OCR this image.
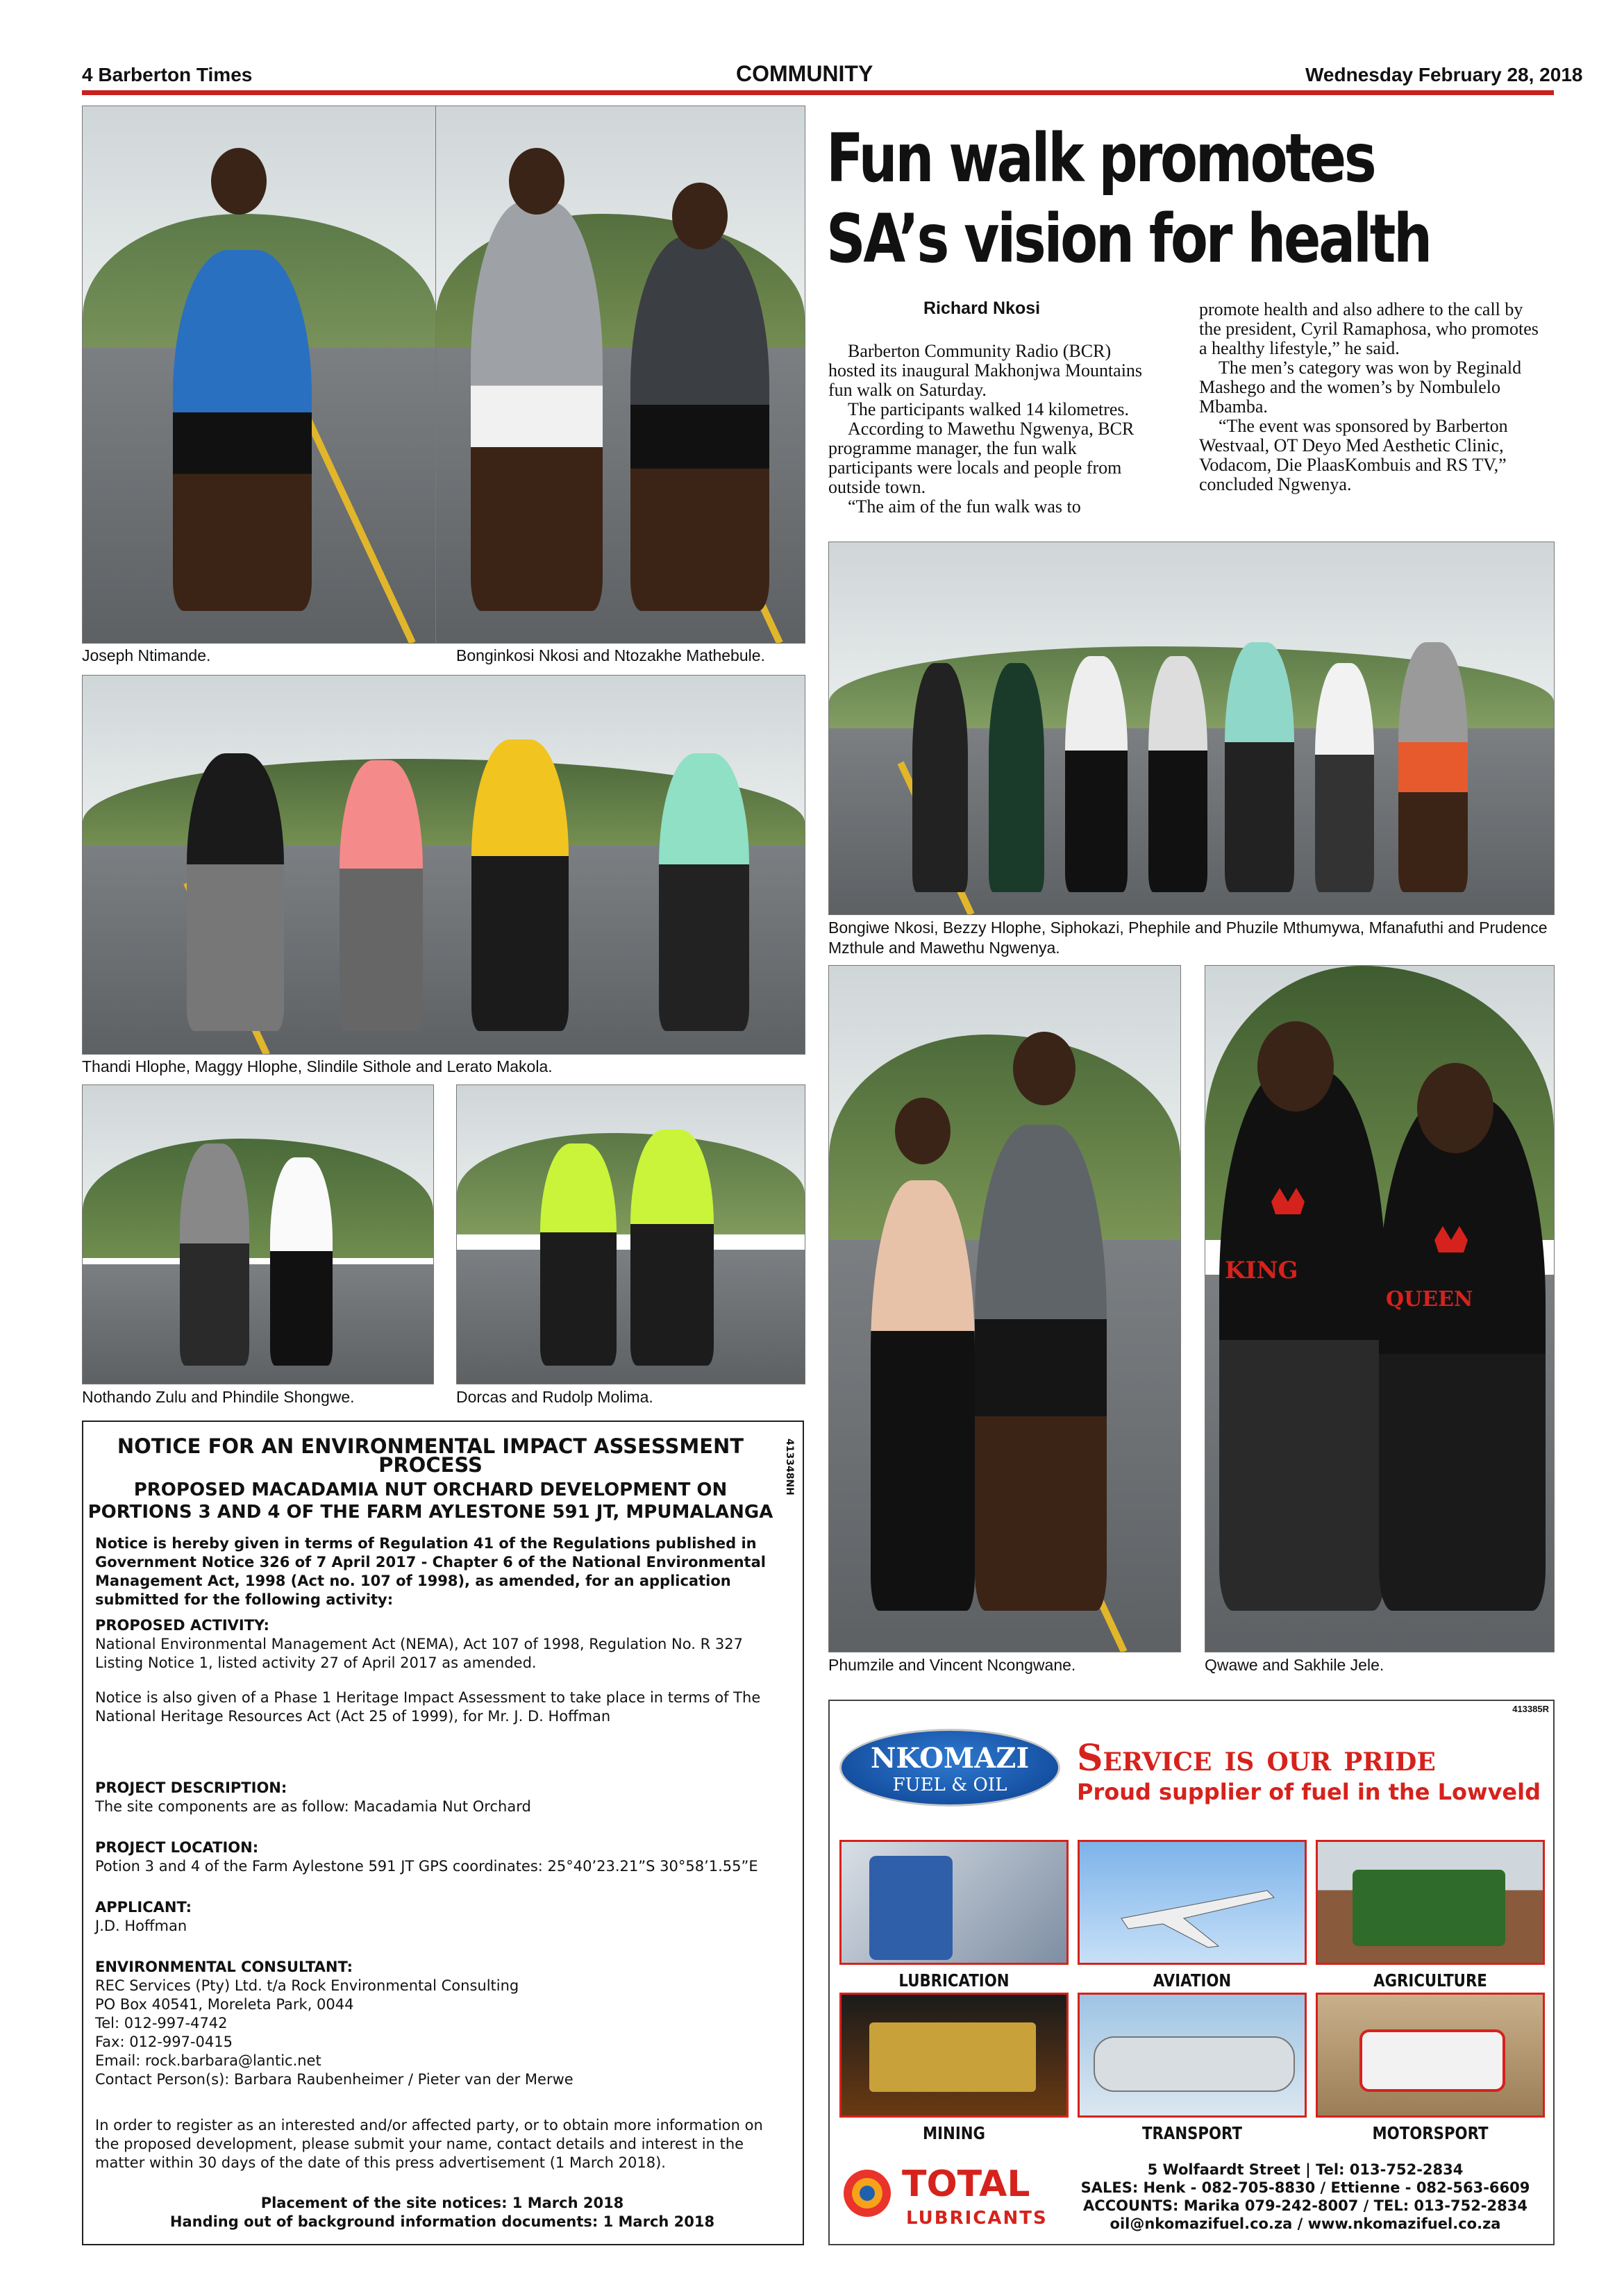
4 Barberton Times	COMMUNITY	Wednesday February 28, 2018
Joseph Ntimande.	Bonginkosi Nkosi and Ntozakhe Mathebule.
Fun walk promotes
SA’s vision for health
Richard Nkosi

Barberton Community Radio (BCR) hosted its inaugural Makhonjwa Mountains fun walk on Saturday.

The participants walked 14 kilometres.

According to Mawethu Ngwenya, BCR programme manager, the fun walk participants were locals and people from outside town.

“The aim of the fun walk was to

promote health and also adhere to the call by the president, Cyril Ramaphosa, who promotes a healthy lifestyle,” he said.

The men’s category was won by Reginald Mashego and the women’s by Nombulelo Mbamba.

“The event was sponsored by Barberton Westvaal, OT Deyo Med Aesthetic Clinic, Vodacom, Die PlaasKombuis and RS TV,” concluded Ngwenya.

Bongiwe Nkosi, Bezzy Hlophe, Siphokazi, Phephile and Phuzile Mthumywa, Mfanafuthi and Prudence Mzthule and Mawethu Ngwenya.
Thandi Hlophe, Maggy Hlophe, Slindile Sithole and Lerato Makola.
Nothando Zulu and Phindile Shongwe.	Dorcas and Rudolp Molima.
Phumzile and Vincent Ncongwane.
KING
QUEEN
Qwawe and Sakhile Jele.
NOTICE FOR AN ENVIRONMENTAL IMPACT ASSESSMENT PROCESS	413348NH
PROPOSED MACADAMIA NUT ORCHARD DEVELOPMENT ON
PORTIONS 3 AND 4 OF THE FARM AYLESTONE 591 JT, MPUMALANGA
Notice is hereby given in terms of Regulation 41 of the Regulations published in Government Notice 326 of 7 April 2017 - Chapter 6 of the National Environmental Management Act, 1998 (Act no. 107 of 1998), as amended, for an application submitted for the following activity:
PROPOSED ACTIVITY:
National Environmental Management Act (NEMA), Act 107 of 1998, Regulation No. R 327 Listing Notice 1, listed activity 27 of April 2017 as amended.
Notice is also given of a Phase 1 Heritage Impact Assessment to take place in terms of The National Heritage Resources Act (Act 25 of 1999), for Mr. J. D. Hoffman
PROJECT DESCRIPTION:
The site components are as follow: Macadamia Nut Orchard
PROJECT LOCATION:
Potion 3 and 4 of the Farm Aylestone 591 JT GPS coordinates: 25°40’23.21”S 30°58’1.55”E
APPLICANT:
J.D. Hoffman
ENVIRONMENTAL CONSULTANT:
REC Services (Pty) Ltd. t/a Rock Environmental Consulting
PO Box 40541, Moreleta Park, 0044
Tel: 012-997-4742
Fax: 012-997-0415
Email: rock.barbara@lantic.net
Contact Person(s): Barbara Raubenheimer / Pieter van der Merwe
In order to register as an interested and/or affected party, or to obtain more information on the proposed development, please submit your name, contact details and interest in the matter within 30 days of the date of this press advertisement (1 March 2018).
Placement of the site notices: 1 March 2018
Handing out of background information documents: 1 March 2018
413385R
NKOMAZI
FUEL & OIL
Service is our pride
Proud supplier of fuel in the Lowveld
LUBRICATION	AVIATION	AGRICULTURE
MINING	TRANSPORT	MOTORSPORT
TOTAL
LUBRICANTS
5 Wolfaardt Street | Tel: 013-752-2834
SALES: Henk - 082-705-8830 / Ettienne - 082-563-6609
ACCOUNTS: Marika 079-242-8007 / TEL: 013-752-2834
oil@nkomazifuel.co.za / www.nkomazifuel.co.za
